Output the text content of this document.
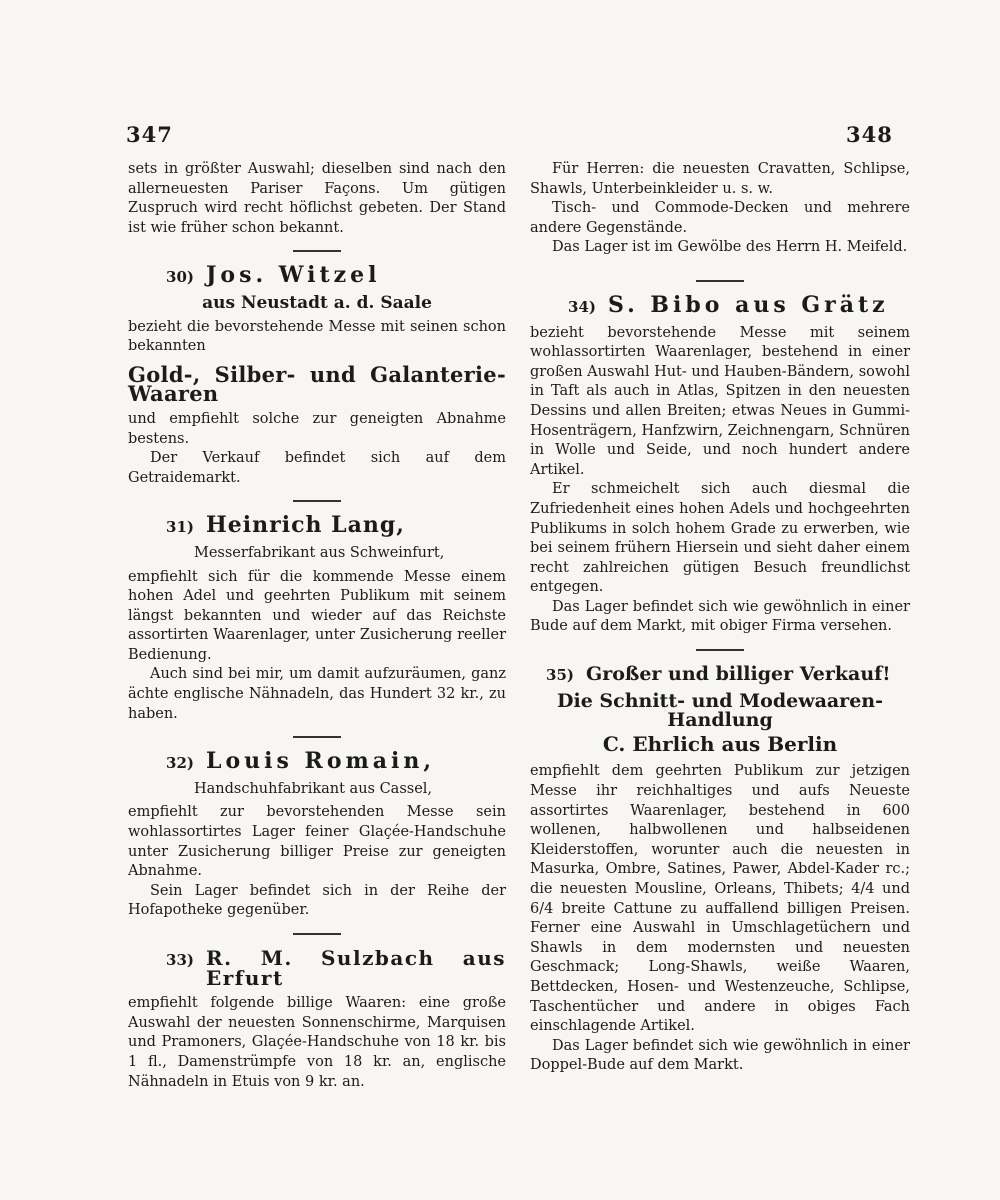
347	348

sets in größter Auswahl; dieselben sind nach den allerneuesten Pariser Façons. Um gütigen Zuspruch wird recht höflichst gebeten. Der Stand ist wie früher schon bekannt.

30) Jos. Witzel
aus Neustadt a. d. Saale

bezieht die bevorstehende Messe mit seinen schon bekannten

Gold-, Silber- und Galanterie-Waaren

und empfiehlt solche zur geneigten Abnahme bestens.

Der Verkauf befindet sich auf dem Getraidemarkt.

31) Heinrich Lang,
Messerfabrikant aus Schweinfurt,

empfiehlt sich für die kommende Messe einem hohen Adel und geehrten Publikum mit seinem längst bekannten und wieder auf das Reichste assortirten Waarenlager, unter Zusicherung reeller Bedienung.

Auch sind bei mir, um damit aufzuräumen, ganz ächte englische Nähnadeln, das Hundert 32 kr., zu haben.

32) Louis Romain,
Handschuhfabrikant aus Cassel,

empfiehlt zur bevorstehenden Messe sein wohlassortirtes Lager feiner Glaçée-Handschuhe unter Zusicherung billiger Preise zur geneigten Abnahme.

Sein Lager befindet sich in der Reihe der Hofapotheke gegenüber.

33) R. M. Sulzbach aus Erfurt

empfiehlt folgende billige Waaren: eine große Auswahl der neuesten Sonnenschirme, Marquisen und Pramoners, Glaçée-Handschuhe von 18 kr. bis 1 fl., Damenstrümpfe von 18 kr. an, englische Nähnadeln in Etuis von 9 kr. an.

Für Herren: die neuesten Cravatten, Schlipse, Shawls, Unterbeinkleider u. s. w.

Tisch- und Commode-Decken und mehrere andere Gegenstände.

Das Lager ist im Gewölbe des Herrn H. Meifeld.

34) S. Bibo aus Grätz

bezieht bevorstehende Messe mit seinem wohlassortirten Waarenlager, bestehend in einer großen Auswahl Hut- und Hauben-Bändern, sowohl in Taft als auch in Atlas, Spitzen in den neuesten Dessins und allen Breiten; etwas Neues in Gummi-Hosenträgern, Hanfzwirn, Zeichnengarn, Schnüren in Wolle und Seide, und noch hundert andere Artikel.

Er schmeichelt sich auch diesmal die Zufriedenheit eines hohen Adels und hochgeehrten Publikums in solch hohem Grade zu erwerben, wie bei seinem frühern Hiersein und sieht daher einem recht zahlreichen gütigen Besuch freundlichst entgegen.

Das Lager befindet sich wie gewöhnlich in einer Bude auf dem Markt, mit obiger Firma versehen.

35) Großer und billiger Verkauf!
Die Schnitt- und Modewaaren-Handlung
C. Ehrlich aus Berlin

empfiehlt dem geehrten Publikum zur jetzigen Messe ihr reichhaltiges und aufs Neueste assortirtes Waarenlager, bestehend in 600 wollenen, halbwollenen und halbseidenen Kleiderstoffen, worunter auch die neuesten in Masurka, Ombre, Satines, Pawer, Abdel-Kader rc.; die neuesten Mousline, Orleans, Thibets; 4/4 und 6/4 breite Cattune zu auffallend billigen Preisen. Ferner eine Auswahl in Umschlagetüchern und Shawls in dem modernsten und neuesten Geschmack; Long-Shawls, weiße Waaren, Bettdecken, Hosen- und Westenzeuche, Schlipse, Taschentücher und andere in obiges Fach einschlagende Artikel.

Das Lager befindet sich wie gewöhnlich in einer Doppel-Bude auf dem Markt.
